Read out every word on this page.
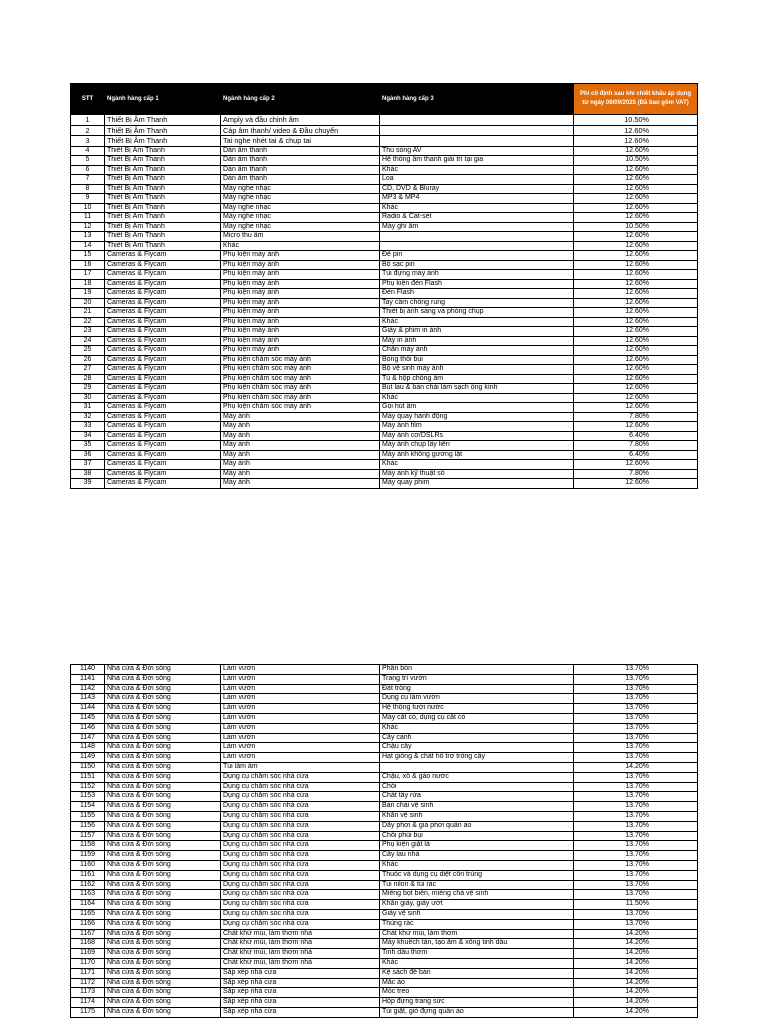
STT	Ngành hàng cấp 1	Ngành hàng cấp 2	Ngành hàng cấp 3	Phí cố định sau khi chiết khấu áp dụng từ ngày 08/09/2025 (Đã bao gồm VAT)
1	Thiết Bị Âm Thanh	Amply và đầu chỉnh âm		10.50%
2	Thiết Bị Âm Thanh	Cáp âm thanh/ video & Đầu chuyển		12.60%
3	Thiết Bị Âm Thanh	Tai nghe nhét tai & chụp tai		12.60%
4	Thiết Bị Âm Thanh	Dàn âm thanh	Thu sóng AV	12.60%
5	Thiết Bị Âm Thanh	Dàn âm thanh	Hệ thống âm thanh giải trí tại gia	10.50%
6	Thiết Bị Âm Thanh	Dàn âm thanh	Khác	12.60%
7	Thiết Bị Âm Thanh	Dàn âm thanh	Loa	12.60%
8	Thiết Bị Âm Thanh	Máy nghe nhạc	CD, DVD & Bluray	12.60%
9	Thiết Bị Âm Thanh	Máy nghe nhạc	MP3 & MP4	12.60%
10	Thiết Bị Âm Thanh	Máy nghe nhạc	Khác	12.60%
11	Thiết Bị Âm Thanh	Máy nghe nhạc	Radio & Cát-sét	12.60%
12	Thiết Bị Âm Thanh	Máy nghe nhạc	Máy ghi âm	10.50%
13	Thiết Bị Âm Thanh	Micro thu âm		12.60%
14	Thiết Bị Âm Thanh	Khác		12.60%
15	Cameras & Flycam	Phụ kiện máy ảnh	Đế pin	12.60%
16	Cameras & Flycam	Phụ kiện máy ảnh	Bộ sạc pin	12.60%
17	Cameras & Flycam	Phụ kiện máy ảnh	Túi đựng máy ảnh	12.60%
18	Cameras & Flycam	Phụ kiện máy ảnh	Phụ kiện đèn Flash	12.60%
19	Cameras & Flycam	Phụ kiện máy ảnh	Đèn Flash	12.60%
20	Cameras & Flycam	Phụ kiện máy ảnh	Tay cầm chống rung	12.60%
21	Cameras & Flycam	Phụ kiện máy ảnh	Thiết bị ánh sáng và phòng chụp	12.60%
22	Cameras & Flycam	Phụ kiện máy ảnh	Khác	12.60%
23	Cameras & Flycam	Phụ kiện máy ảnh	Giấy & phim in ảnh	12.60%
24	Cameras & Flycam	Phụ kiện máy ảnh	Máy in ảnh	12.60%
25	Cameras & Flycam	Phụ kiện máy ảnh	Chân máy ảnh	12.60%
26	Cameras & Flycam	Phụ kiện chăm sóc máy ảnh	Bóng thổi bụi	12.60%
27	Cameras & Flycam	Phụ kiện chăm sóc máy ảnh	Bộ vệ sinh máy ảnh	12.60%
28	Cameras & Flycam	Phụ kiện chăm sóc máy ảnh	Tủ & hộp chống ẩm	12.60%
29	Cameras & Flycam	Phụ kiện chăm sóc máy ảnh	Bút lau & bàn chải làm sạch ống kính	12.60%
30	Cameras & Flycam	Phụ kiện chăm sóc máy ảnh	Khác	12.60%
31	Cameras & Flycam	Phụ kiện chăm sóc máy ảnh	Gói hút ẩm	12.60%
32	Cameras & Flycam	Máy ảnh	Máy quay hành động	7.80%
33	Cameras & Flycam	Máy ảnh	Máy ảnh film	12.60%
34	Cameras & Flycam	Máy ảnh	Máy ảnh cơ/DSLRs	6.40%
35	Cameras & Flycam	Máy ảnh	Máy ảnh chụp lấy liền	7.80%
36	Cameras & Flycam	Máy ảnh	Máy ảnh không gương lật	6.40%
37	Cameras & Flycam	Máy ảnh	Khác	12.60%
38	Cameras & Flycam	Máy ảnh	Máy ảnh kỹ thuật số	7.80%
39	Cameras & Flycam	Máy ảnh	Máy quay phim	12.60%
1140	Nhà cửa & Đời sống	Làm vườn	Phân bón	13.70%
1141	Nhà cửa & Đời sống	Làm vườn	Trang trí vườn	13.70%
1142	Nhà cửa & Đời sống	Làm vườn	Đất trồng	13.70%
1143	Nhà cửa & Đời sống	Làm vườn	Dụng cụ làm vườn	13.70%
1144	Nhà cửa & Đời sống	Làm vườn	Hệ thống tưới nước	13.70%
1145	Nhà cửa & Đời sống	Làm vườn	Máy cắt cỏ, dụng cụ cắt cỏ	13.70%
1146	Nhà cửa & Đời sống	Làm vườn	Khác	13.70%
1147	Nhà cửa & Đời sống	Làm vườn	Cây cảnh	13.70%
1148	Nhà cửa & Đời sống	Làm vườn	Chậu cây	13.70%
1149	Nhà cửa & Đời sống	Làm vườn	Hạt giống & chất hỗ trợ trồng cây	13.70%
1150	Nhà cửa & Đời sống	Túi làm ấm		14.20%
1151	Nhà cửa & Đời sống	Dụng cụ chăm sóc nhà cửa	Chậu, xô & gáo nước	13.70%
1152	Nhà cửa & Đời sống	Dụng cụ chăm sóc nhà cửa	Chổi	13.70%
1153	Nhà cửa & Đời sống	Dụng cụ chăm sóc nhà cửa	Chất tẩy rửa	13.70%
1154	Nhà cửa & Đời sống	Dụng cụ chăm sóc nhà cửa	Bàn chải vệ sinh	13.70%
1155	Nhà cửa & Đời sống	Dụng cụ chăm sóc nhà cửa	Khăn vệ sinh	13.70%
1156	Nhà cửa & Đời sống	Dụng cụ chăm sóc nhà cửa	Dây phơi & giá phơi quần áo	13.70%
1157	Nhà cửa & Đời sống	Dụng cụ chăm sóc nhà cửa	Chổi phủi bụi	13.70%
1158	Nhà cửa & Đời sống	Dụng cụ chăm sóc nhà cửa	Phụ kiện giặt là	13.70%
1159	Nhà cửa & Đời sống	Dụng cụ chăm sóc nhà cửa	Cây lau nhà	13.70%
1160	Nhà cửa & Đời sống	Dụng cụ chăm sóc nhà cửa	Khác	13.70%
1161	Nhà cửa & Đời sống	Dụng cụ chăm sóc nhà cửa	Thuốc và dụng cụ diệt côn trùng	13.70%
1162	Nhà cửa & Đời sống	Dụng cụ chăm sóc nhà cửa	Túi nilon & túi rác	13.70%
1163	Nhà cửa & Đời sống	Dụng cụ chăm sóc nhà cửa	Miếng bọt biển, miếng chà vệ sinh	13.70%
1164	Nhà cửa & Đời sống	Dụng cụ chăm sóc nhà cửa	Khăn giấy, giấy ướt	11.50%
1165	Nhà cửa & Đời sống	Dụng cụ chăm sóc nhà cửa	Giấy vệ sinh	13.70%
1166	Nhà cửa & Đời sống	Dụng cụ chăm sóc nhà cửa	Thùng rác	13.70%
1167	Nhà cửa & Đời sống	Chất khử mùi, làm thơm nhà	Chất khử mùi, làm thơm	14.20%
1168	Nhà cửa & Đời sống	Chất khử mùi, làm thơm nhà	Máy khuếch tán, tạo ẩm & xông tinh dầu	14.20%
1169	Nhà cửa & Đời sống	Chất khử mùi, làm thơm nhà	Tinh dầu thơm	14.20%
1170	Nhà cửa & Đời sống	Chất khử mùi, làm thơm nhà	Khác	14.20%
1171	Nhà cửa & Đời sống	Sắp xếp nhà cửa	Kệ sách để bàn	14.20%
1172	Nhà cửa & Đời sống	Sắp xếp nhà cửa	Mắc áo	14.20%
1173	Nhà cửa & Đời sống	Sắp xếp nhà cửa	Móc treo	14.20%
1174	Nhà cửa & Đời sống	Sắp xếp nhà cửa	Hộp đựng trang sức	14.20%
1175	Nhà cửa & Đời sống	Sắp xếp nhà cửa	Túi giặt, giỏ đựng quần áo	14.20%
